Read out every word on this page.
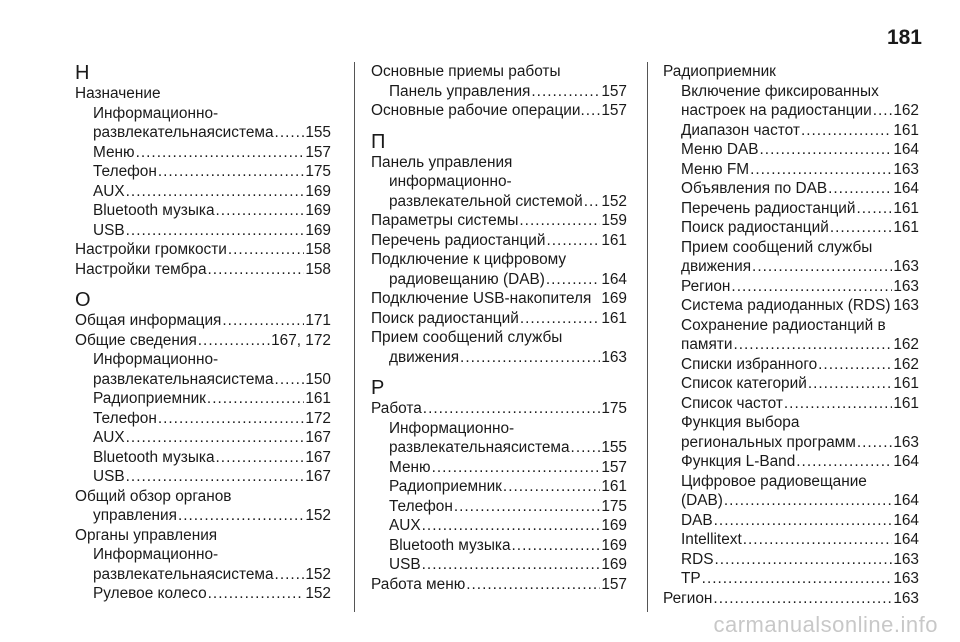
181
Н
Назначение
Информационно-
развлекательнаясистема ..... 155
Меню .....	157
Телефон .....	175
AUX .....	169
Bluetooth музыка .....	169
USB .....	169
Настройки громкости .....	158
Настройки тембра .....	158
О
Общая информация .....	171
Общие сведения .....	167, 172
Информационно-
развлекательнаясистема ..... 150
Радиоприемник .....	161
Телефон .....	172
AUX .....	167
Bluetooth музыка .....	167
USB .....	167
Общий обзор органов
управления .....	152
Органы управления
Информационно-
развлекательнаясистема ..... 152
Рулевое колесо .....	152
Основные приемы работы
Панель управления .....	157
Основные рабочие операции. ..... 157
П
Панель управления
информационно-
развлекательной системой ..... 152
Параметры системы .....	159
Перечень радиостанций .....	161
Подключение к цифровому
радиовещанию (DAB) .....	164
Подключение USB-накопителя 169
Поиск радиостанций .....	161
Прием сообщений службы
движения .....	163
Р
Работа .....	175
Информационно-
развлекательнаясистема ..... 155
Меню .....	157
Радиоприемник .....	161
Телефон .....	175
AUX .....	169
Bluetooth музыка .....	169
USB .....	169
Работа меню .....	157
Радиоприемник
Включение фиксированных
настроек на радиостанции ..... 162
Диапазон частот .....	161
Меню DAB .....	164
Меню FM .....	163
Объявления по DAB .....	164
Перечень радиостанций ..... 161
Поиск радиостанций .....	161
Прием сообщений службы
движения .....	163
Регион .....	163
Система радиоданных (RDS) 163
Сохранение радиостанций в
памяти .....	162
Списки избранного .....	162
Список категорий .....	161
Список частот .....	161
Функция выбора
региональных программ ..... 163
Функция L-Band .....	164
Цифровое радиовещание
(DAB) .....	164
DAB .....	164
Intellitext .....	164
RDS .....	163
TP .....	163
Регион .....	163
carmanualsonline.info
